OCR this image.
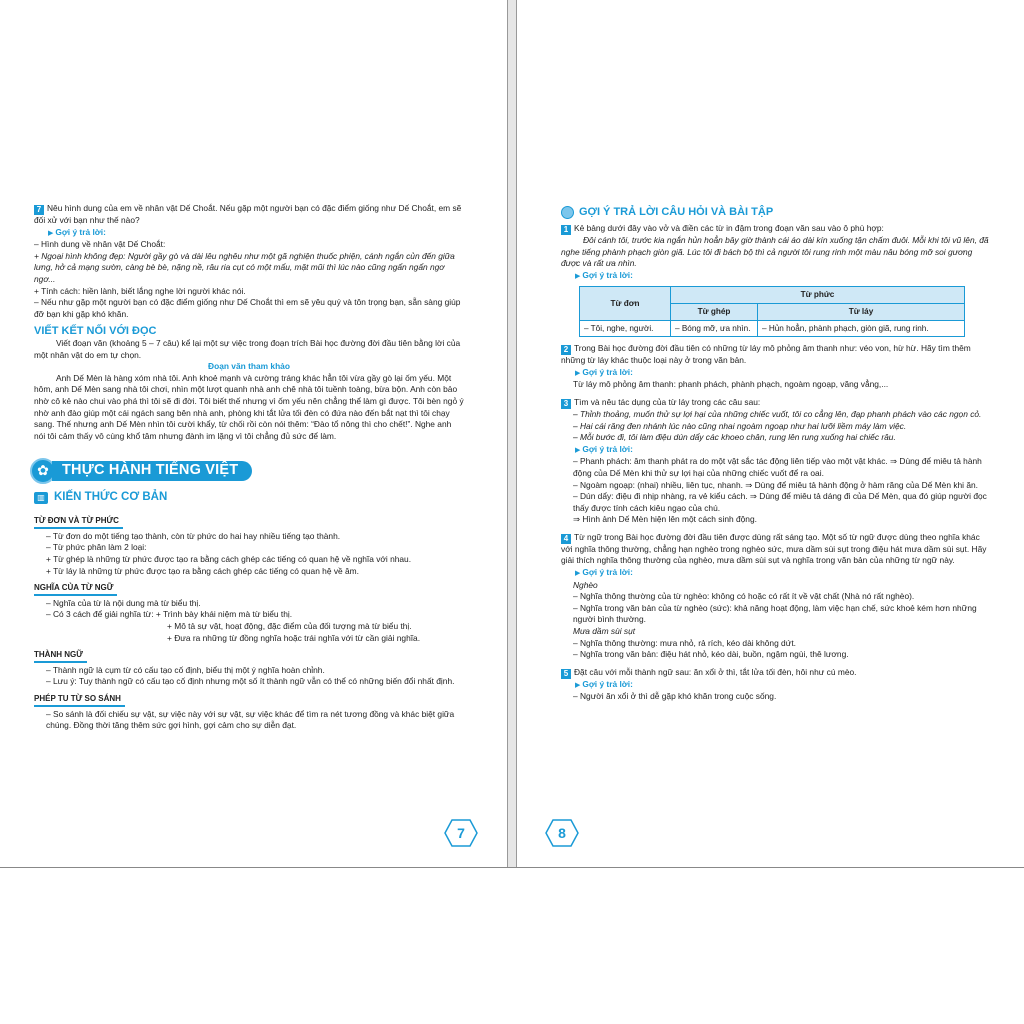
7 Nêu hình dung của em về nhân vật Dế Choắt. Nếu gặp một người bạn có đặc điểm giống như Dế Choắt, em sẽ đối xử với bạn như thế nào?

▶ Gợi ý trả lời:

– Hình dung về nhân vật Dế Choắt:

+ Ngoại hình không đẹp: Người gầy gò và dài lêu nghêu như một gã nghiện thuốc phiện, cánh ngắn củn đến giữa lưng, hở cả mạng sườn, càng bè bè, nặng nề, râu ria cụt có một mẩu, mặt mũi thì lúc nào cũng ngẩn ngẩn ngơ ngơ...

+ Tính cách: hiền lành, biết lắng nghe lời người khác nói.

– Nếu như gặp một người bạn có đặc điểm giống như Dế Choắt thì em sẽ yêu quý và tôn trọng bạn, sẵn sàng giúp đỡ bạn khi gặp khó khăn.

VIẾT KẾT NỐI VỚI ĐỌC

Viết đoạn văn (khoảng 5 – 7 câu) kể lại một sự việc trong đoạn trích Bài học đường đời đầu tiên bằng lời của một nhân vật do em tự chọn.

Đoạn văn tham khảo

Anh Dế Mèn là hàng xóm nhà tôi. Anh khoẻ mạnh và cường tráng khác hẳn tôi vừa gầy gò lại ốm yếu. Một hôm, anh Dế Mèn sang nhà tôi chơi, nhìn một lượt quanh nhà anh chê nhà tôi tuềnh toàng, bừa bộn. Anh còn bảo nhờ cô kẻ nào chui vào phá thì tôi sẽ đi đời. Tôi biết thế nhưng vì ốm yếu nên chẳng thể làm gì được. Tôi bèn ngỏ ý nhờ anh đào giúp một cái ngách sang bên nhà anh, phòng khi tắt lửa tối đèn có đứa nào đến bắt nạt thì tôi chạy sang. Thế nhưng anh Dế Mèn nhìn tôi cười khẩy, từ chối rồi còn nói thêm: “Đào tổ nông thì cho chết!”. Nghe anh nói tôi cảm thấy vô cùng khổ tâm nhưng đành im lặng vì tôi chẳng đủ sức để làm.

✿ THỰC HÀNH TIẾNG VIỆT
▥ KIẾN THỨC CƠ BẢN
TỪ ĐƠN VÀ TỪ PHỨC

– Từ đơn do một tiếng tạo thành, còn từ phức do hai hay nhiều tiếng tạo thành.

– Từ phức phân làm 2 loại:

+ Từ ghép là những từ phức được tạo ra bằng cách ghép các tiếng có quan hệ về nghĩa với nhau.

+ Từ láy là những từ phức được tạo ra bằng cách ghép các tiếng có quan hệ về âm.

NGHĨA CỦA TỪ NGỮ

– Nghĩa của từ là nội dung mà từ biểu thị.

– Có 3 cách để giải nghĩa từ: + Trình bày khái niệm mà từ biểu thị.

+ Mô tả sự vật, hoạt động, đặc điểm của đối tượng mà từ biểu thị.

+ Đưa ra những từ đồng nghĩa hoặc trái nghĩa với từ cần giải nghĩa.

THÀNH NGỮ

– Thành ngữ là cụm từ có cấu tạo cố định, biểu thị một ý nghĩa hoàn chỉnh.

– Lưu ý: Tuy thành ngữ có cấu tạo cố định nhưng một số ít thành ngữ vẫn có thể có những biến đổi nhất định.

PHÉP TU TỪ SO SÁNH

– So sánh là đối chiếu sự vật, sự việc này với sự vật, sự việc khác để tìm ra nét tương đồng và khác biệt giữa chúng. Đồng thời tăng thêm sức gợi hình, gợi cảm cho sự diễn đạt.

7
GỢI Ý TRẢ LỜI CÂU HỎI VÀ BÀI TẬP

1 Kẻ bảng dưới đây vào vở và điền các từ in đậm trong đoạn văn sau vào ô phù hợp:

Đôi cánh tôi, trước kia ngắn hủn hoẳn bây giờ thành cái áo dài kín xuống tận chấm đuôi. Mỗi khi tôi vũ lên, đã nghe tiếng phành phạch giòn giã. Lúc tôi đi bách bộ thì cả người tôi rung rinh một màu nâu bóng mỡ soi gương được và rất ưa nhìn.

▶ Gợi ý trả lời:

Từ đơn	Từ phức	
	Từ ghép	Từ láy
– Tôi, nghe, người.	– Bóng mỡ, ưa nhìn.	– Hủn hoẳn, phành phạch, giòn giã, rung rinh.

2 Trong Bài học đường đời đầu tiên có những từ láy mô phỏng âm thanh như: véo von, hừ hừ. Hãy tìm thêm những từ láy khác thuộc loại này ở trong văn bản.

▶ Gợi ý trả lời:

Từ láy mô phỏng âm thanh: phanh phách, phành phạch, ngoàm ngoạp, văng vẳng,...

3 Tìm và nêu tác dụng của từ láy trong các câu sau:

– Thỉnh thoảng, muốn thử sự lợi hại của những chiếc vuốt, tôi co cẳng lên, đạp phanh phách vào các ngọn cỏ.

– Hai cái răng đen nhánh lúc nào cũng nhai ngoàm ngoạp như hai lưỡi liềm máy làm việc.

– Mỗi bước đi, tôi làm điệu dún dẩy các khoeo chân, rung lên rung xuống hai chiếc râu.

▶ Gợi ý trả lời:

– Phanh phách: âm thanh phát ra do một vật sắc tác động liên tiếp vào một vật khác. ⇒ Dùng để miêu tả hành động của Dế Mèn khi thử sự lợi hại của những chiếc vuốt để ra oai.

– Ngoàm ngoạp: (nhai) nhiều, liên tục, nhanh. ⇒ Dùng để miêu tả hành động ở hàm răng của Dế Mèn khi ăn.

– Dún dẩy: điệu đi nhịp nhàng, ra vẻ kiểu cách. ⇒ Dùng để miêu tả dáng đi của Dế Mèn, qua đó giúp người đọc thấy được tính cách kiêu ngạo của chú.

⇒ Hình ảnh Dế Mèn hiện lên một cách sinh động.

4 Từ ngữ trong Bài học đường đời đầu tiên được dùng rất sáng tạo. Một số từ ngữ được dùng theo nghĩa khác với nghĩa thông thường, chẳng hạn nghèo trong nghèo sức, mưa dầm sùi sụt trong điệu hát mưa dầm sùi sụt. Hãy giải thích nghĩa thông thường của nghèo, mưa dầm sùi sụt và nghĩa trong văn bản của những từ ngữ này.

▶ Gợi ý trả lời:

Nghèo

– Nghĩa thông thường của từ nghèo: không có hoặc có rất ít về vật chất (Nhà nó rất nghèo).

– Nghĩa trong văn bản của từ nghèo (sức): khả năng hoạt động, làm việc hạn chế, sức khoẻ kém hơn những người bình thường.

Mưa dầm sùi sụt

– Nghĩa thông thường: mưa nhỏ, rả rích, kéo dài không dứt.

– Nghĩa trong văn bản: điệu hát nhỏ, kéo dài, buồn, ngậm ngùi, thê lương.

5 Đặt câu với mỗi thành ngữ sau: ăn xổi ở thì, tắt lửa tối đèn, hôi như cú mèo.

▶ Gợi ý trả lời:

– Người ăn xổi ở thì dễ gặp khó khăn trong cuộc sống.

8
